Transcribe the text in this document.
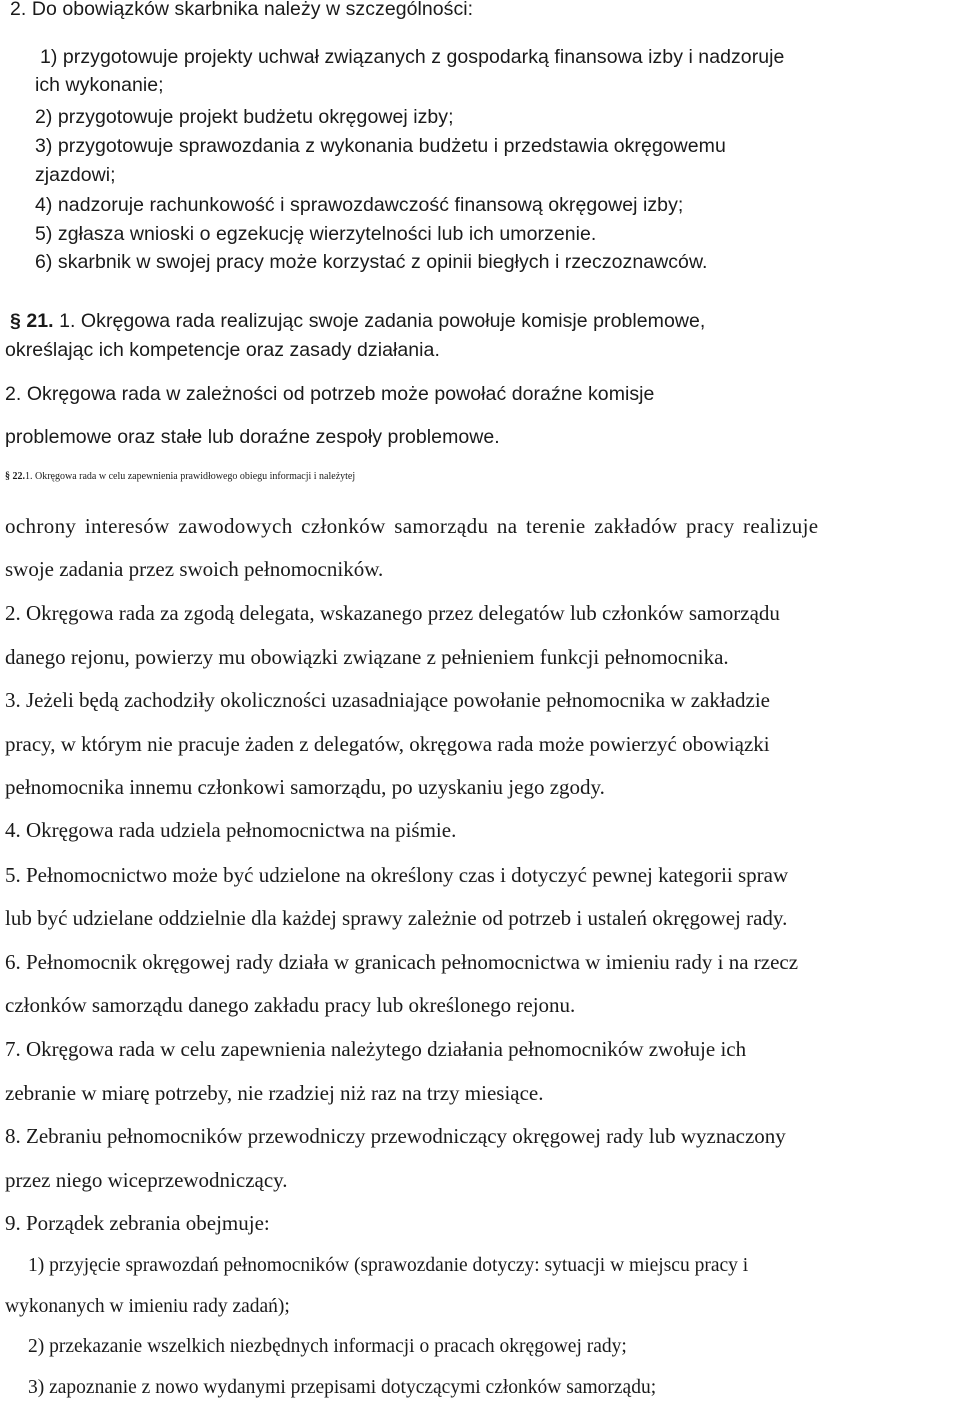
2. Do obowiązków skarbnika należy w szczególności:
1) przygotowuje projekty uchwał związanych z gospodarką finansowa izby i nadzoruje
ich wykonanie;
2) przygotowuje projekt budżetu okręgowej izby;
3) przygotowuje sprawozdania z wykonania budżetu i przedstawia okręgowemu
zjazdowi;
4) nadzoruje rachunkowość i sprawozdawczość finansową okręgowej izby;
5) zgłasza wnioski o egzekucję wierzytelności lub ich umorzenie.
6) skarbnik w swojej pracy może korzystać z opinii biegłych i rzeczoznawców.
§ 21. 1. Okręgowa rada realizując swoje zadania powołuje komisje problemowe,
określając ich kompetencje oraz zasady działania.
2. Okręgowa rada w zależności od potrzeb może powołać doraźne komisje
problemowe oraz stałe lub doraźne zespoły problemowe.
§ 22.1. Okręgowa rada w celu zapewnienia prawidłowego obiegu informacji i należytej
ochrony interesów zawodowych członków samorządu na terenie zakładów pracy realizuje
swoje zadania przez swoich pełnomocników.
2. Okręgowa rada za zgodą delegata, wskazanego przez delegatów lub członków samorządu
danego rejonu, powierzy mu obowiązki związane z pełnieniem funkcji pełnomocnika.
3. Jeżeli będą zachodziły okoliczności uzasadniające powołanie pełnomocnika w zakładzie
pracy, w którym nie pracuje żaden z delegatów, okręgowa rada może powierzyć obowiązki
pełnomocnika innemu członkowi samorządu, po uzyskaniu jego zgody.
4. Okręgowa rada udziela pełnomocnictwa na piśmie.
5. Pełnomocnictwo może być udzielone na określony czas i dotyczyć pewnej kategorii spraw
lub być udzielane oddzielnie dla każdej sprawy zależnie od potrzeb i ustaleń okręgowej rady.
6. Pełnomocnik okręgowej rady działa w granicach pełnomocnictwa w imieniu rady i na rzecz
członków samorządu danego zakładu pracy lub określonego rejonu.
7. Okręgowa rada w celu zapewnienia należytego działania pełnomocników zwołuje ich
zebranie w miarę potrzeby, nie rzadziej niż raz na trzy miesiące.
8. Zebraniu pełnomocników przewodniczy przewodniczący okręgowej rady lub wyznaczony
przez niego wiceprzewodniczący.
9. Porządek zebrania obejmuje:
1) przyjęcie sprawozdań pełnomocników (sprawozdanie dotyczy: sytuacji w miejscu pracy i
wykonanych w imieniu rady zadań);
2) przekazanie wszelkich niezbędnych informacji o pracach okręgowej rady;
3) zapoznanie z nowo wydanymi przepisami dotyczącymi członków samorządu;
